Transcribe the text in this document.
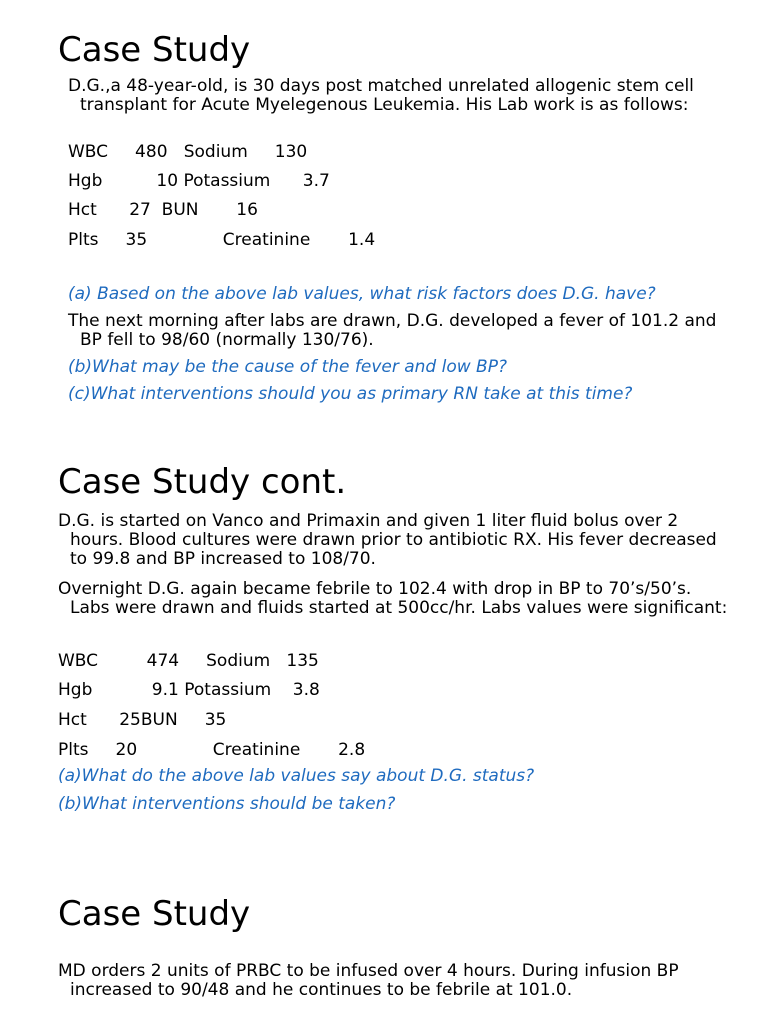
Case Study

D.G.,a 48-year-old, is 30 days post matched unrelated allogenic stem cell transplant for Acute Myelegenous Leukemia. His Lab work is as follows:

WBC     480   Sodium     130
Hgb          10 Potassium      3.7
Hct      27  BUN       16
Plts     35              Creatinine       1.4

(a) Based on the above lab values, what risk factors does D.G. have?

The next morning after labs are drawn, D.G. developed a fever of 101.2 and BP fell to 98/60 (normally 130/76).

(b)What may be the cause of the fever and low BP?

(c)What interventions should you as primary RN take at this time?

Case Study cont.

D.G. is started on Vanco and Primaxin and given 1 liter fluid bolus over 2 hours. Blood cultures were drawn prior to antibiotic RX. His fever decreased to 99.8 and BP increased to 108/70.

Overnight D.G. again became febrile to 102.4 with drop in BP to 70’s/50’s. Labs were drawn and fluids started at 500cc/hr. Labs values were significant:

WBC         474     Sodium   135
Hgb           9.1 Potassium    3.8
Hct      25BUN     35
Plts     20              Creatinine       2.8

(a)What do the above lab values say about D.G. status?

(b)What interventions should be taken?

Case Study

MD orders 2 units of PRBC to be infused over 4 hours. During infusion BP increased to 90/48 and he continues to be febrile at 101.0.
